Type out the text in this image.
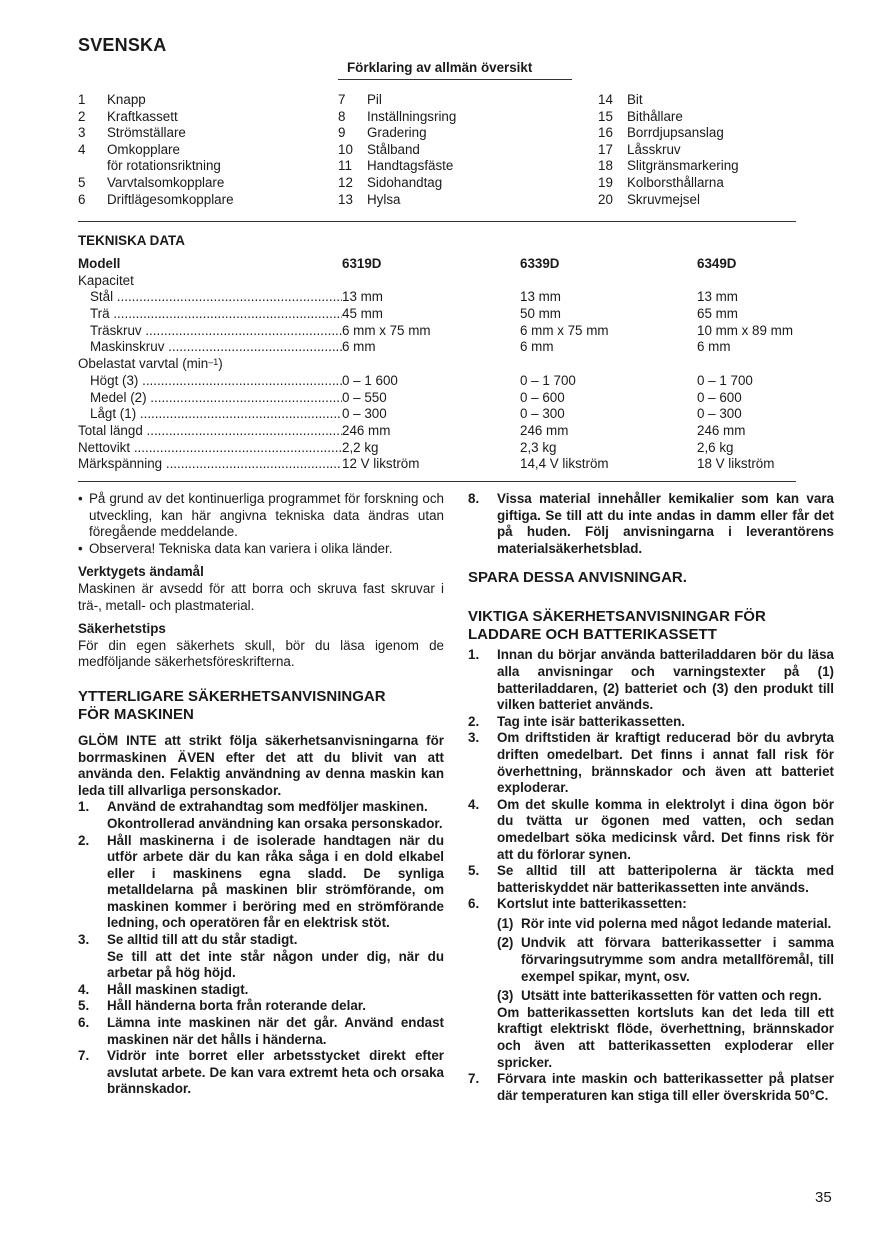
SVENSKA
Förklaring av allmän översikt
1	Knapp
2	Kraftkassett
3	Strömställare
4	Omkopplare
för rotationsriktning
5	Varvtalsomkopplare
6	Driftlägesomkopplare
7	Pil
8	Inställningsring
9	Gradering
10	Stålband
11	Handtagsfäste
12	Sidohandtag
13	Hylsa
14	Bit
15	Bithållare
16	Borrdjupsanslag
17	Låsskruv
18	Slitgränsmarkering
19	Kolborsthållarna
20	Skruvmejsel
TEKNISKA DATA
Modell	6319D	6339D	6349D
Kapacitet
Stål .....	13 mm	13 mm	13 mm
Trä .....	45 mm	50 mm	65 mm
Träskruv .....	6 mm x 75 mm	6 mm x 75 mm	10 mm x 89 mm
Maskinskruv .....	6 mm	6 mm	6 mm
Obelastat varvtal $(\min^{-1})$
Högt (3) .....	0 – 1 600	0 – 1 700	0 – 1 700
Medel (2) .....	0 – 550	0 – 600	0 – 600
Lågt (1) .....	0 – 300	0 – 300	0 – 300
Total längd .....	246 mm	246 mm	246 mm
Nettovikt .....	2,2 kg	2,3 kg	2,6 kg
Märkspänning .....	12 V likström	14,4 V likström	18 V likström
• På grund av det kontinuerliga programmet för forskning och utveckling, kan här angivna tekniska data ändras utan föregående meddelande.
• Observera! Tekniska data kan variera i olika länder.
Verktygets ändamål

Maskinen är avsedd för att borra och skruva fast skruvar i trä-, metall- och plastmaterial.

Säkerhetstips

För din egen säkerhets skull, bör du läsa igenom de medföljande säkerhetsföreskrifterna.

YTTERLIGARE SÄKERHETSANVISNINGAR
FÖR MASKINEN

GLÖM INTE att strikt följa säkerhetsanvisningarna för borrmaskinen ÄVEN efter det att du blivit van att använda den. Felaktig användning av denna maskin kan leda till allvarliga personskador.

1.	Använd de extrahandtag som medföljer maskinen.
Okontrollerad användning kan orsaka personskador.
2.	Håll maskinerna i de isolerade handtagen när du utför arbete där du kan råka såga i en dold elkabel eller i maskinens egna sladd. De synliga metalldelarna på maskinen blir strömförande, om maskinen kommer i beröring med en strömförande ledning, och operatören får en elektrisk stöt.
3.	Se alltid till att du står stadigt.
Se till att det inte står någon under dig, när du arbetar på hög höjd.
4.	Håll maskinen stadigt.
5.	Håll händerna borta från roterande delar.
6.	Lämna inte maskinen när det går. Använd endast maskinen när det hålls i händerna.
7.	Vidrör inte borret eller arbetsstycket direkt efter avslutat arbete. De kan vara extremt heta och orsaka brännskador.
8.	Vissa material innehåller kemikalier som kan vara giftiga. Se till att du inte andas in damm eller får det på huden. Följ anvisningarna i leverantörens materialsäkerhetsblad.
SPARA DESSA ANVISNINGAR.
VIKTIGA SÄKERHETSANVISNINGAR FÖR
LADDARE OCH BATTERIKASSETT
1.	Innan du börjar använda batteriladdaren bör du läsa alla anvisningar och varningstexter på (1) batteriladdaren, (2) batteriet och (3) den produkt till vilken batteriet används.
2.	Tag inte isär batterikassetten.
3.	Om driftstiden är kraftigt reducerad bör du avbryta driften omedelbart. Det finns i annat fall risk för överhettning, brännskador och även att batteriet exploderar.
4.	Om det skulle komma in elektrolyt i dina ögon bör du tvätta ur ögonen med vatten, och sedan omedelbart söka medicinsk vård. Det finns risk för att du förlorar synen.
5.	Se alltid till att batteripolerna är täckta med batteriskyddet när batterikassetten inte används.
6.	Kortslut inte batterikassetten:
(1) Rör inte vid polerna med något ledande material.
(2) Undvik att förvara batterikassetter i samma förvaringsutrymme som andra metallföremål, till exempel spikar, mynt, osv.
(3) Utsätt inte batterikassetten för vatten och regn.
Om batterikassetten kortsluts kan det leda till ett kraftigt elektriskt flöde, överhettning, brännskador och även att batterikassetten exploderar eller spricker.
7.	Förvara inte maskin och batterikassetter på platser där temperaturen kan stiga till eller överskrida 50°C.
35
